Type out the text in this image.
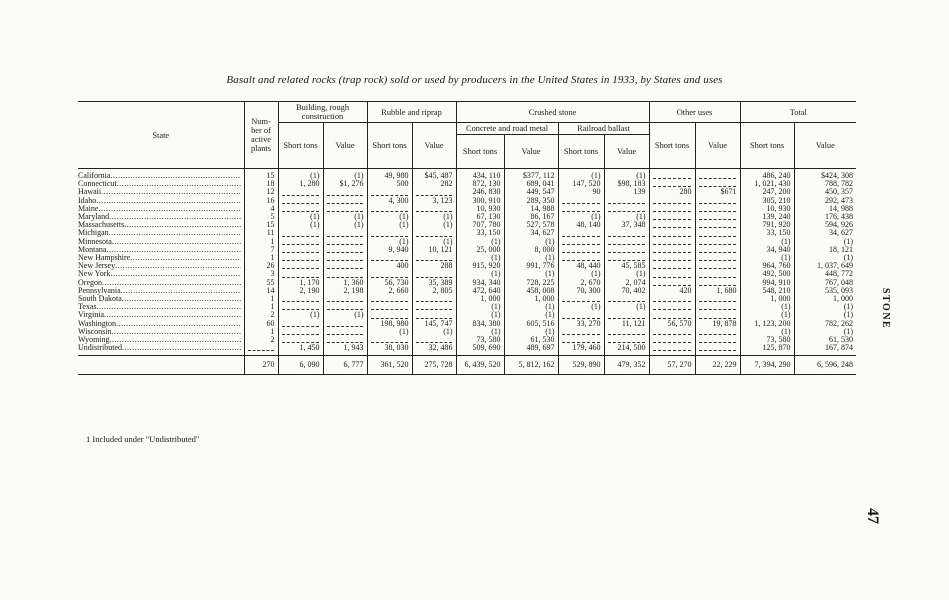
Basalt and related rocks (trap rock) sold or used by producers in the United States in 1933, by States and uses
State	Num-ber of active plants	Building, rough construction		Rubble and riprap		Crushed stone				Other uses		Total	
		Short tons	Value	Short tons	Value	Concrete and road metal		Railroad ballast		Short tons	Value	Short tons	Value
						Short tons	Value	Short tons	Value				

California .....	15	(1)	(1)	49, 980	$45, 487	434, 110	$377, 112	(1)	(1)			486, 240	$424, 308

Connecticut .....	18	1, 280	$1, 276	500	282	872, 130	689, 041	147, 520	$98, 183			1, 021, 430	788, 782

Hawaii .....	12					246, 830	449, 547	90	139	280	$671	247, 200	450, 357

Idaho .....	16			4, 300	3, 123	300, 910	289, 350					305, 210	292, 473

Maine .....	4					10, 930	14, 988					10, 930	14, 988

Maryland .....	5	(1)	(1)	(1)	(1)	67, 130	86, 167	(1)	(1)			139, 240	176, 438

Massachusetts .....	15	(1)	(1)	(1)	(1)	707, 780	527, 578	48, 140	37, 348			791, 920	594, 926

Michigan .....	11					33, 150	34, 627					33, 150	34, 627

Minnesota .....	1			(1)	(1)	(1)	(1)					(1)	(1)

Montana .....	7			9, 940	10, 121	25, 000	8, 000					34, 940	18, 121

New Hampshire .....	1					(1)	(1)					(1)	(1)

New Jersey .....	26			400	288	915, 920	991, 776	48, 440	45, 585			964, 760	1, 037, 649

New York .....	3					(1)	(1)	(1)	(1)			492, 500	448, 772

Oregon .....	55	1, 170	1, 360	56, 730	35, 389	934, 340	728, 225	2, 670	2, 074			994, 910	767, 048

Pennsylvania .....	14	2, 190	2, 198	2, 660	2, 805	472, 640	458, 008	70, 300	70, 402	420	1, 680	548, 210	535, 093

South Dakota .....	1					1, 000	1, 000					1, 000	1, 000

Texas .....	1					(1)	(1)	(1)	(1)			(1)	(1)

Virginia .....	2	(1)	(1)			(1)	(1)					(1)	(1)

Washington .....	60			198, 980	145, 747	834, 380	605, 516	33, 270	11, 121	56, 570	19, 878	1, 123, 200	782, 262

Wisconsin .....	1			(1)	(1)	(1)	(1)					(1)	(1)

Wyoming .....	2					73, 580	61, 530					73, 580	61, 530

Undistributed .....		1, 450	1, 943	38, 030	32, 486	509, 690	489, 697	179, 460	214, 500			125, 870	167, 874
	270	6, 090	6, 777	361, 520	275, 728	6, 439, 520	5, 812, 162	529, 890	479, 352	57, 270	22, 229	7, 394, 290	6, 596, 248
1 Included under "Undistributed"
STONE
47
